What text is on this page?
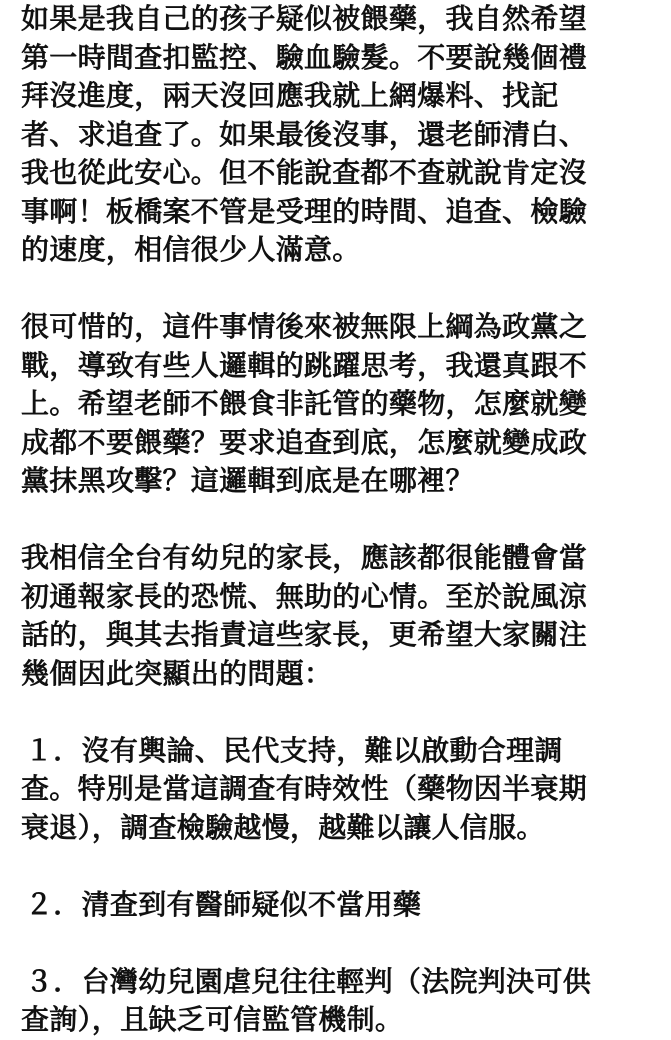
如果是我自己的孩子疑似被餵藥，我自然希望
第一時間查扣監控、驗血驗髮。不要說幾個禮
拜沒進度，兩天沒回應我就上網爆料、找記
者、求追查了。如果最後沒事，還老師清白、
我也從此安心。但不能說查都不查就說肯定沒
事啊！板橋案不管是受理的時間、追查、檢驗
的速度，相信很少人滿意。
很可惜的，這件事情後來被無限上綱為政黨之
戰，導致有些人邏輯的跳躍思考，我還真跟不
上。希望老師不餵食非託管的藥物，怎麼就變
成都不要餵藥？要求追查到底，怎麼就變成政
黨抹黑攻擊？這邏輯到底是在哪裡？
我相信全台有幼兒的家長，應該都很能體會當
初通報家長的恐慌、無助的心情。至於說風涼
話的，與其去指責這些家長，更希望大家關注
幾個因此突顯出的問題：
１．沒有輿論、民代支持，難以啟動合理調
查。特別是當這調查有時效性（藥物因半衰期
衰退），調查檢驗越慢，越難以讓人信服。
２．清查到有醫師疑似不當用藥
３．台灣幼兒園虐兒往往輕判（法院判決可供
查詢），且缺乏可信監管機制。
